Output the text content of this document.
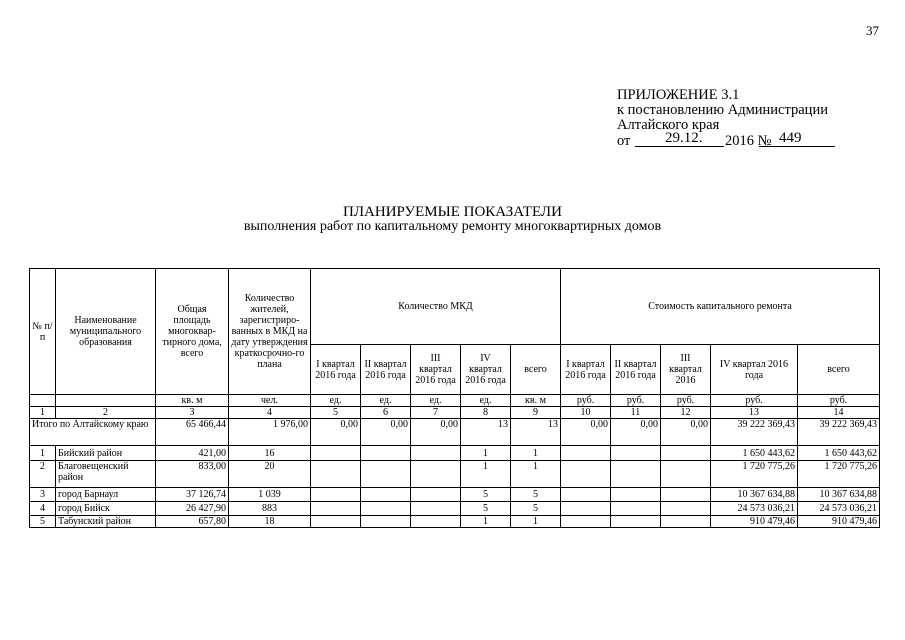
37
ПРИЛОЖЕНИЕ 3.1
к постановлению Администрации
Алтайского края
от 29.12. 2016 № 449
ПЛАНИРУЕМЫЕ ПОКАЗАТЕЛИ
выполнения работ по капитальному ремонту многоквартирных домов
№ п/п	Наименование муниципального образования	Общая площадь многоквар-тирного дома, всего	Количество жителей, зарегистриро-ванных в МКД на дату утверждения краткосрочно-го плана	Количество МКД					Стоимость капитального ремонта				
				I квартал 2016 года	II квартал 2016 года	III квартал 2016 года	IV квартал 2016 года	всего	I квартал 2016 года	II квартал 2016 года	III квартал 2016	IV квартал 2016 года	всего
		кв. м	чел.	ед.	ед.	ед.	ед.	кв. м	руб.	руб.	руб.	руб.	руб.
1	2	3	4	5	6	7	8	9	10	11	12	13	14
Итого по Алтайскому краю		65 466,44	1 976,00	0,00	0,00	0,00	13	13	0,00	0,00	0,00	39 222 369,43	39 222 369,43
1	Бийский район	421,00	16				1	1				1 650 443,62	1 650 443,62
2	Благовещенский район	833,00	20				1	1				1 720 775,26	1 720 775,26
3	город Барнаул	37 126,74	1 039				5	5				10 367 634,88	10 367 634,88
4	город Бийск	26 427,90	883				5	5				24 573 036,21	24 573 036,21
5	Табунский район	657,80	18				1	1				910 479,46	910 479,46
